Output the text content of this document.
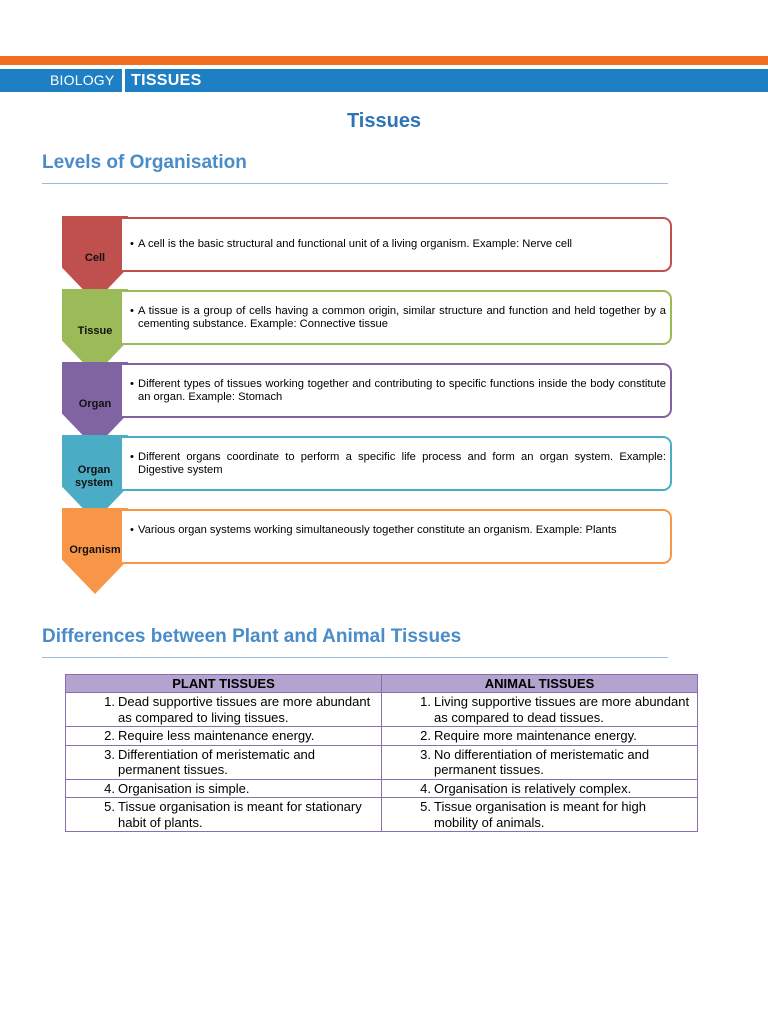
BIOLOGY TISSUES
Tissues
Levels of Organisation
Cell
• A cell is the basic structural and functional unit of a living organism. Example: Nerve cell
Tissue
• A tissue is a group of cells having a common origin, similar structure and function and held together by a cementing substance. Example: Connective tissue
Organ
• Different types of tissues working together and contributing to specific functions inside the body constitute an organ. Example: Stomach
Organ system
• Different organs coordinate to perform a specific life process and form an organ system. Example: Digestive system
Organism
• Various organ systems working simultaneously together constitute an organism. Example: Plants
Differences between Plant and Animal Tissues
PLANT TISSUES	ANIMAL TISSUES

1. Dead supportive tissues are more abundant as compared to living tissues.	1. Living supportive tissues are more abundant as compared to dead tissues.

2. Require less maintenance energy.	2. Require more maintenance energy.

3. Differentiation of meristematic and permanent tissues.	3. No differentiation of meristematic and permanent tissues.

4. Organisation is simple.	4. Organisation is relatively complex.

5. Tissue organisation is meant for stationary habit of plants.	5. Tissue organisation is meant for high mobility of animals.
